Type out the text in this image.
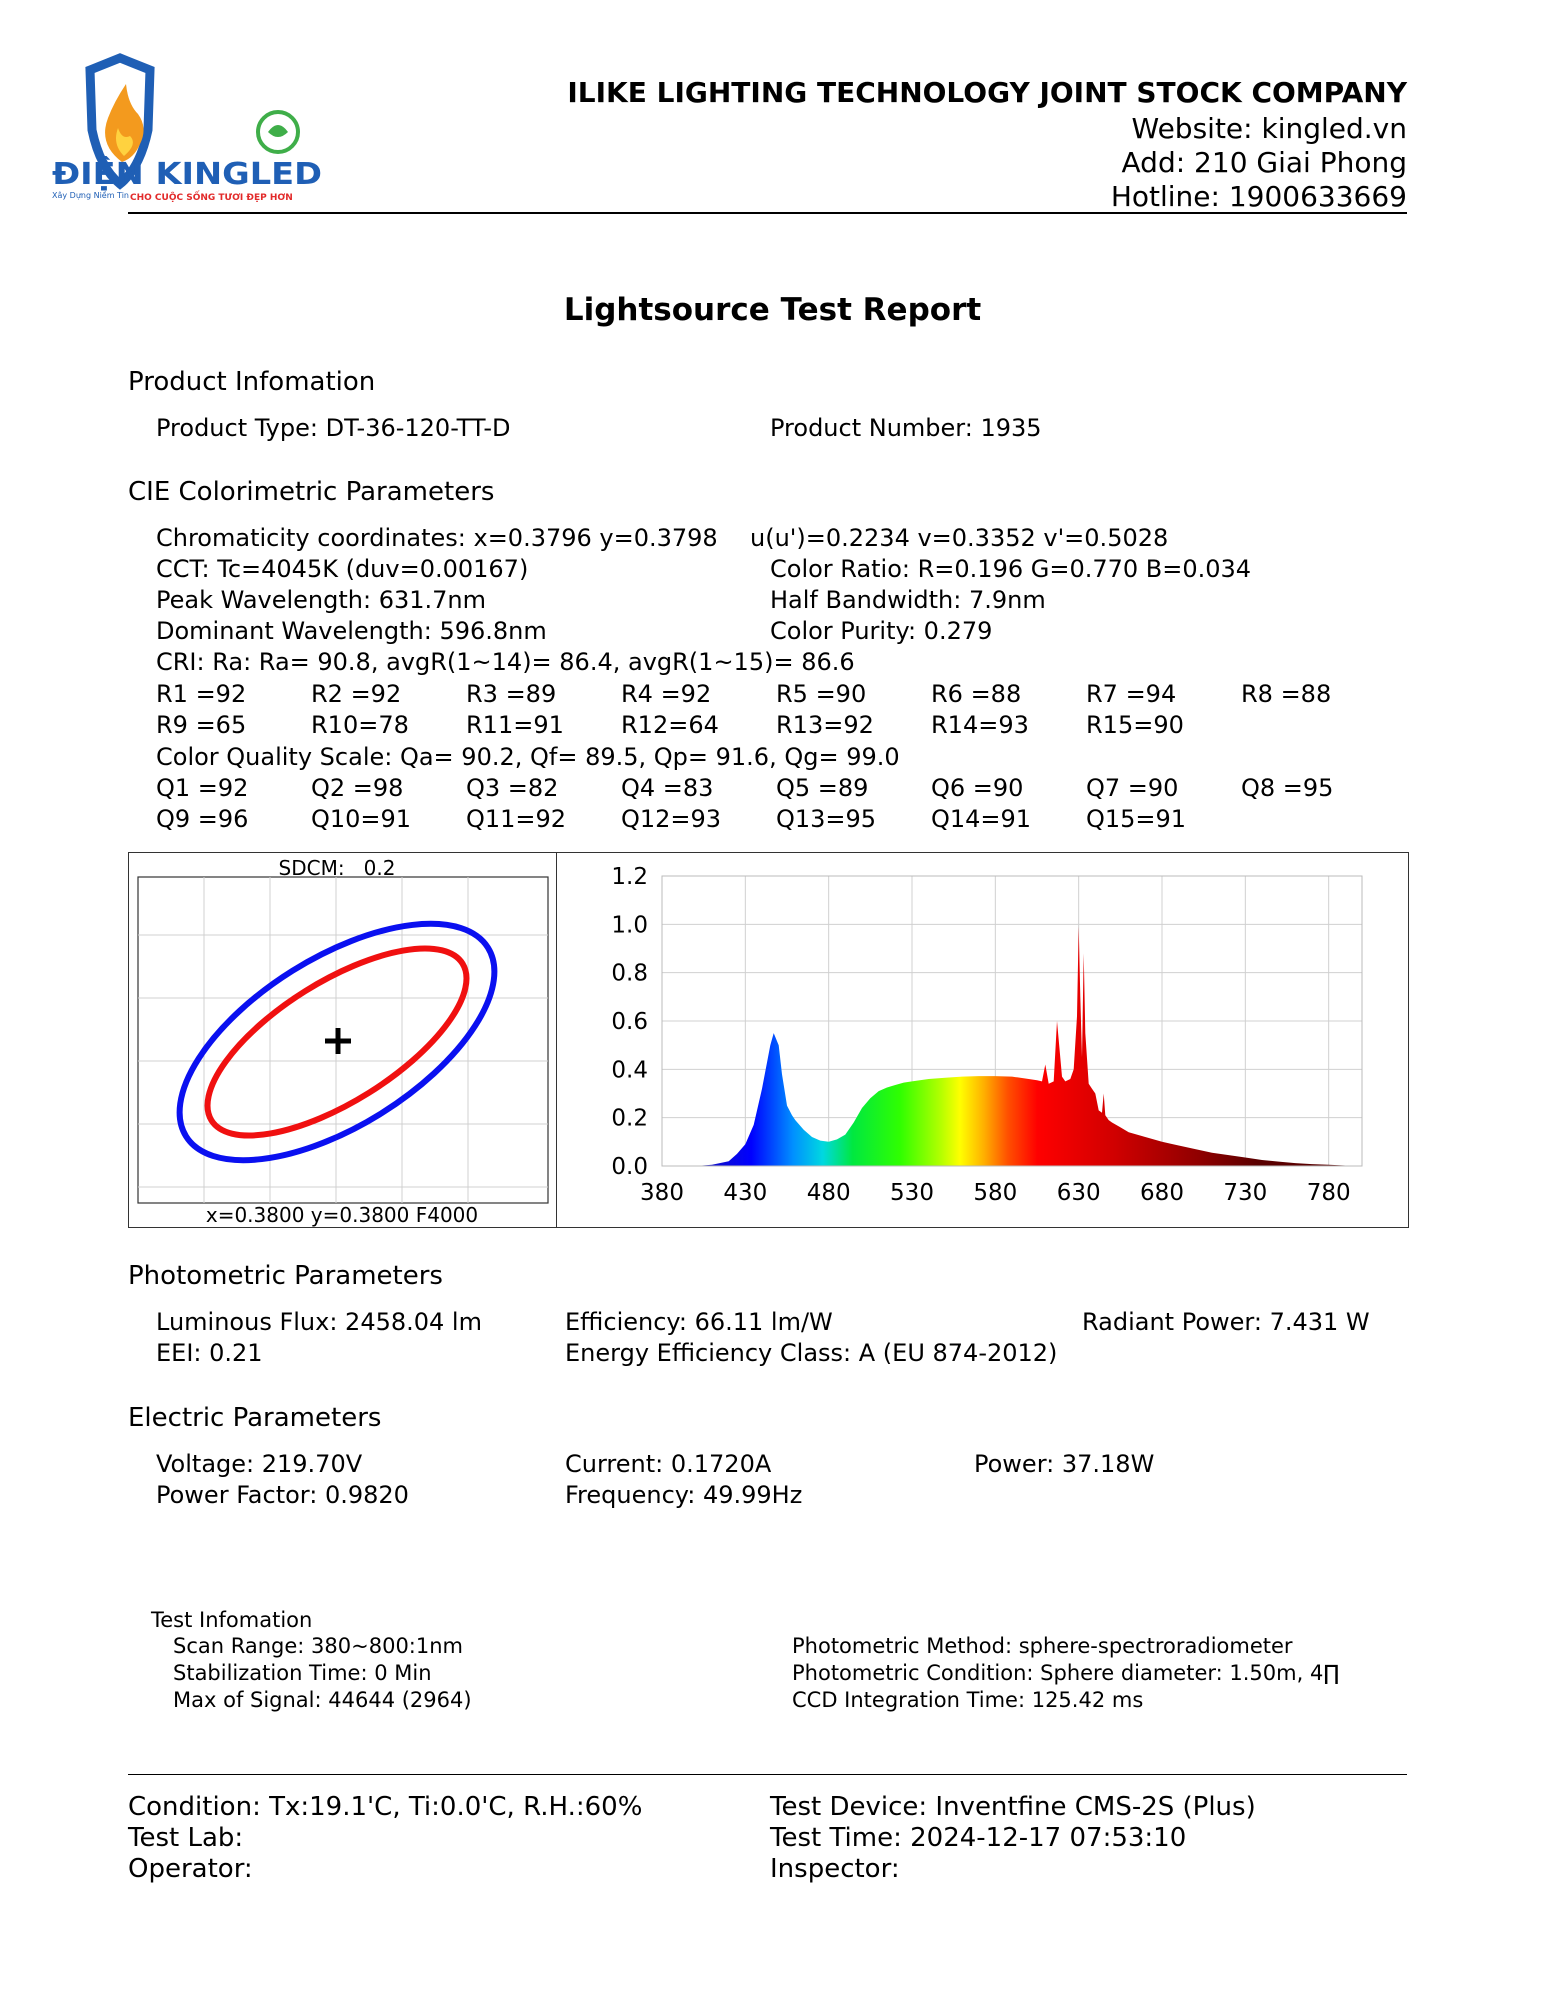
ĐIỆN KINGLED
Xây Dựng Niềm Tin CHO CUỘC SỐNG TƯƠI ĐẸP HƠN
ILIKE LIGHTING TECHNOLOGY JOINT STOCK COMPANY
Website: kingled.vn
Add: 210 Giai Phong
Hotline: 1900633669
Lightsource Test Report
Product Infomation
Product Type: DT-36-120-TT-D	Product Number: 1935
CIE Colorimetric Parameters
Chromaticity coordinates: x=0.3796 y=0.3798 u(u')=0.2234 v=0.3352 v'=0.5028
CCT: Tc=4045K (duv=0.00167)	Color Ratio: R=0.196 G=0.770 B=0.034
Peak Wavelength: 631.7nm	Half Bandwidth: 7.9nm
Dominant Wavelength: 596.8nm	Color Purity: 0.279
CRI: Ra: Ra= 90.8, avgR(1~14)= 86.4, avgR(1~15)= 86.6
R1 =92	R2 =92	R3 =89	R4 =92	R5 =90	R6 =88	R7 =94	R8 =88
R9 =65	R10=78 R11=91 R12=64 R13=92 R14=93 R15=90
Color Quality Scale: Qa= 90.2, Qf= 89.5, Qp= 91.6, Qg= 99.0
Q1 =92	Q2 =98	Q3 =82	Q4 =83	Q5 =89	Q6 =90	Q7 =90	Q8 =95
Q9 =96	Q10=91 Q11=92 Q12=93 Q13=95 Q14=91 Q15=91
SDCM:   0.2
x=0.3800 y=0.3800 F4000
0.0
0.2
0.4
0.6
0.8
1.0
1.2
380 430 480 530 580 630 680 730 780
Photometric Parameters
Luminous Flux: 2458.04 lm	Efficiency: 66.11 lm/W	Radiant Power: 7.431 W
EEI: 0.21	Energy Efficiency Class: A (EU 874-2012)
Electric Parameters
Voltage: 219.70V	Current: 0.1720A	Power: 37.18W
Power Factor: 0.9820	Frequency: 49.99Hz
Test Infomation
Scan Range: 380~800:1nm
Stabilization Time: 0 Min
Max of Signal: 44644 (2964)
Photometric Method: sphere-spectroradiometer
Photometric Condition: Sphere diameter: 1.50m, 4∏
CCD Integration Time: 125.42 ms
Condition: Tx:19.1'C, Ti:0.0'C, R.H.:60%	Test Device: Inventfine CMS-2S (Plus)
Test Lab:	Test Time: 2024-12-17 07:53:10
Operator:	Inspector:
